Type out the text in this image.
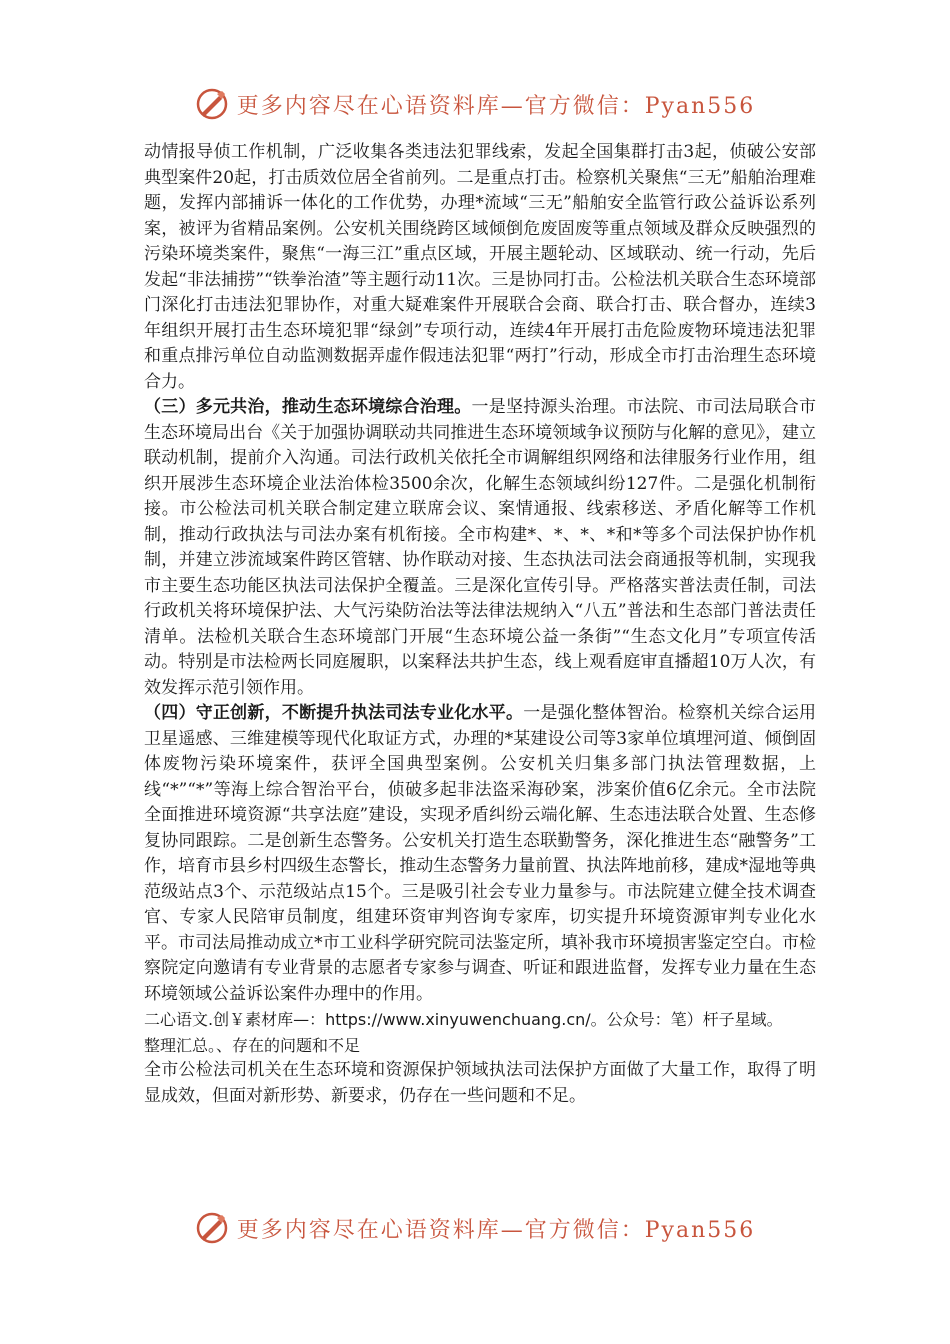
更多内容尽在心语资料库—官方微信：Pyan556

动情报导侦工作机制，广泛收集各类违法犯罪线索，发起全国集群打击3起，侦破公安部典型案件20起，打击质效位居全省前列。二是重点打击。检察机关聚焦“三无”船舶治理难题，发挥内部捕诉一体化的工作优势，办理*流域“三无”船舶安全监管行政公益诉讼系列案，被评为省精品案例。公安机关围绕跨区域倾倒危废固废等重点领域及群众反映强烈的污染环境类案件，聚焦“一海三江”重点区域，开展主题轮动、区域联动、统一行动，先后发起“非法捕捞”“铁拳治渣”等主题行动11次。三是协同打击。公检法机关联合生态环境部门深化打击违法犯罪协作，对重大疑难案件开展联合会商、联合打击、联合督办，连续3年组织开展打击生态环境犯罪“绿剑”专项行动，连续4年开展打击危险废物环境违法犯罪和重点排污单位自动监测数据弄虚作假违法犯罪“两打”行动，形成全市打击治理生态环境合力。

（三）多元共治，推动生态环境综合治理。一是坚持源头治理。市法院、市司法局联合市生态环境局出台《关于加强协调联动共同推进生态环境领域争议预防与化解的意见》，建立联动机制，提前介入沟通。司法行政机关依托全市调解组织网络和法律服务行业作用，组织开展涉生态环境企业法治体检3500余次，化解生态领域纠纷127件。二是强化机制衔接。市公检法司机关联合制定建立联席会议、案情通报、线索移送、矛盾化解等工作机制，推动行政执法与司法办案有机衔接。全市构建*、*、*、*和*等多个司法保护协作机制，并建立涉流域案件跨区管辖、协作联动对接、生态执法司法会商通报等机制，实现我市主要生态功能区执法司法保护全覆盖。三是深化宣传引导。严格落实普法责任制，司法行政机关将环境保护法、大气污染防治法等法律法规纳入“八五”普法和生态部门普法责任清单。法检机关联合生态环境部门开展“生态环境公益一条街”“生态文化月”专项宣传活动。特别是市法检两长同庭履职，以案释法共护生态，线上观看庭审直播超10万人次，有效发挥示范引领作用。

（四）守正创新，不断提升执法司法专业化水平。一是强化整体智治。检察机关综合运用卫星遥感、三维建模等现代化取证方式，办理的*某建设公司等3家单位填埋河道、倾倒固体废物污染环境案件，获评全国典型案例。公安机关归集多部门执法管理数据，上线“*”“*”等海上综合智治平台，侦破多起非法盗采海砂案，涉案价值6亿余元。全市法院全面推进环境资源“共享法庭”建设，实现矛盾纠纷云端化解、生态违法联合处置、生态修复协同跟踪。二是创新生态警务。公安机关打造生态联勤警务，深化推进生态“融警务”工作，培育市县乡村四级生态警长，推动生态警务力量前置、执法阵地前移，建成*湿地等典范级站点3个、示范级站点15个。三是吸引社会专业力量参与。市法院建立健全技术调查官、专家人民陪审员制度，组建环资审判咨询专家库，切实提升环境资源审判专业化水平。市司法局推动成立*市工业科学研究院司法鉴定所，填补我市环境损害鉴定空白。市检察院定向邀请有专业背景的志愿者专家参与调查、听证和跟进监督，发挥专业力量在生态环境领域公益诉讼案件办理中的作用。

二心语文.创￥素材库—：https://www.xinyuwenchuang.cn/。公众号：笔）杆子星域。

整理汇总。、存在的问题和不足

全市公检法司机关在生态环境和资源保护领域执法司法保护方面做了大量工作，取得了明显成效，但面对新形势、新要求，仍存在一些问题和不足。

更多内容尽在心语资料库—官方微信：Pyan556
